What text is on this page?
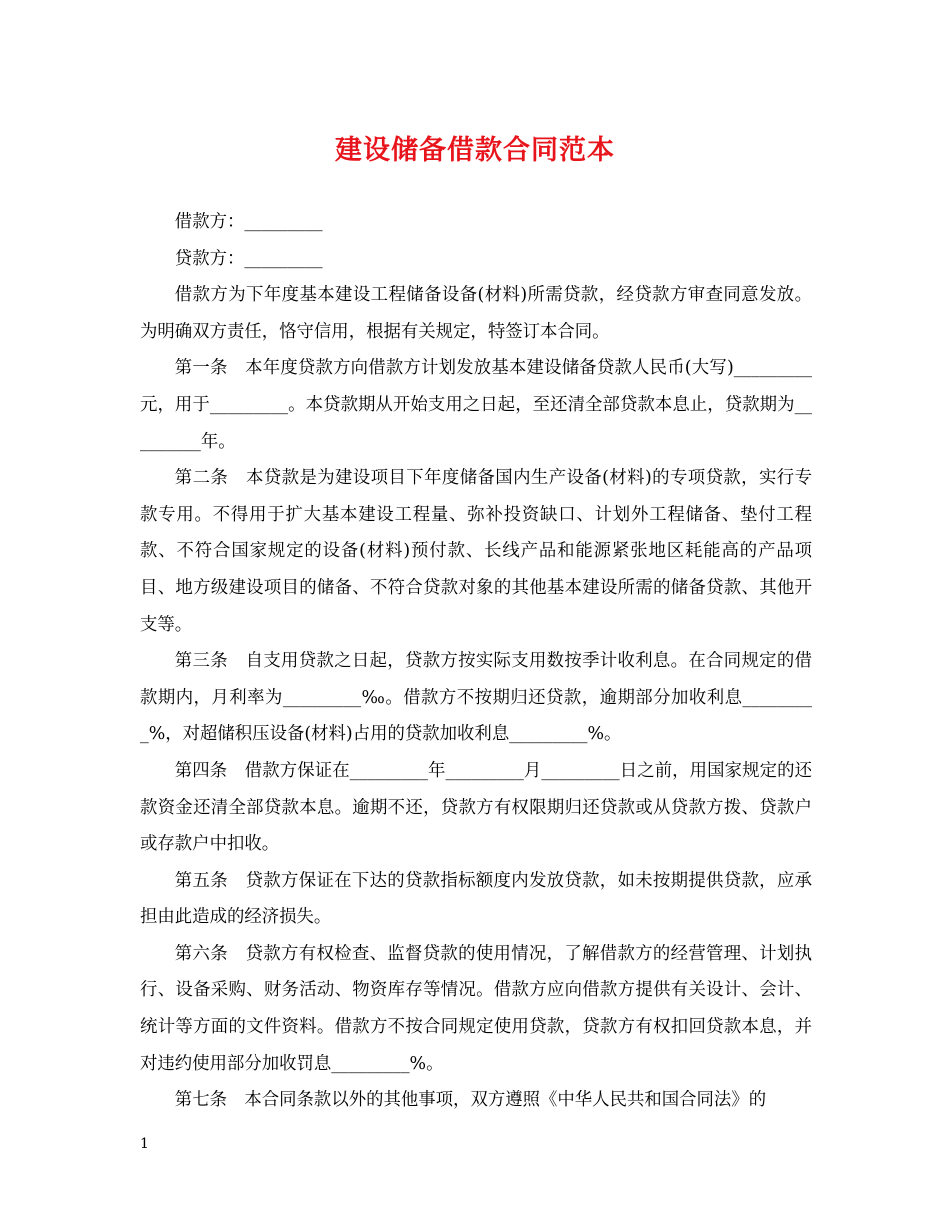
建设储备借款合同范本

借款方：_________

贷款方：_________

借款方为下年度基本建设工程储备设备(材料)所需贷款，经贷款方审查同意发放。为明确双方责任，恪守信用，根据有关规定，特签订本合同。

第一条　本年度贷款方向借款方计划发放基本建设储备贷款人民币(大写)_________元，用于_________。本贷款期从开始支用之日起，至还清全部贷款本息止，贷款期为_________年。

第二条　本贷款是为建设项目下年度储备国内生产设备(材料)的专项贷款，实行专款专用。不得用于扩大基本建设工程量、弥补投资缺口、计划外工程储备、垫付工程款、不符合国家规定的设备(材料)预付款、长线产品和能源紧张地区耗能高的产品项目、地方级建设项目的储备、不符合贷款对象的其他基本建设所需的储备贷款、其他开支等。

第三条　自支用贷款之日起，贷款方按实际支用数按季计收利息。在合同规定的借款期内，月利率为_________‰。借款方不按期归还贷款，逾期部分加收利息_________%，对超储积压设备(材料)占用的贷款加收利息_________%。

第四条　借款方保证在_________年_________月_________日之前，用国家规定的还款资金还清全部贷款本息。逾期不还，贷款方有权限期归还贷款或从贷款方拨、贷款户或存款户中扣收。

第五条　贷款方保证在下达的贷款指标额度内发放贷款，如未按期提供贷款，应承担由此造成的经济损失。

第六条　贷款方有权检查、监督贷款的使用情况，了解借款方的经营管理、计划执行、设备采购、财务活动、物资库存等情况。借款方应向借款方提供有关设计、会计、统计等方面的文件资料。借款方不按合同规定使用贷款，贷款方有权扣回贷款本息，并对违约使用部分加收罚息_________%。

第七条　本合同条款以外的其他事项，双方遵照《中华人民共和国合同法》的

1
